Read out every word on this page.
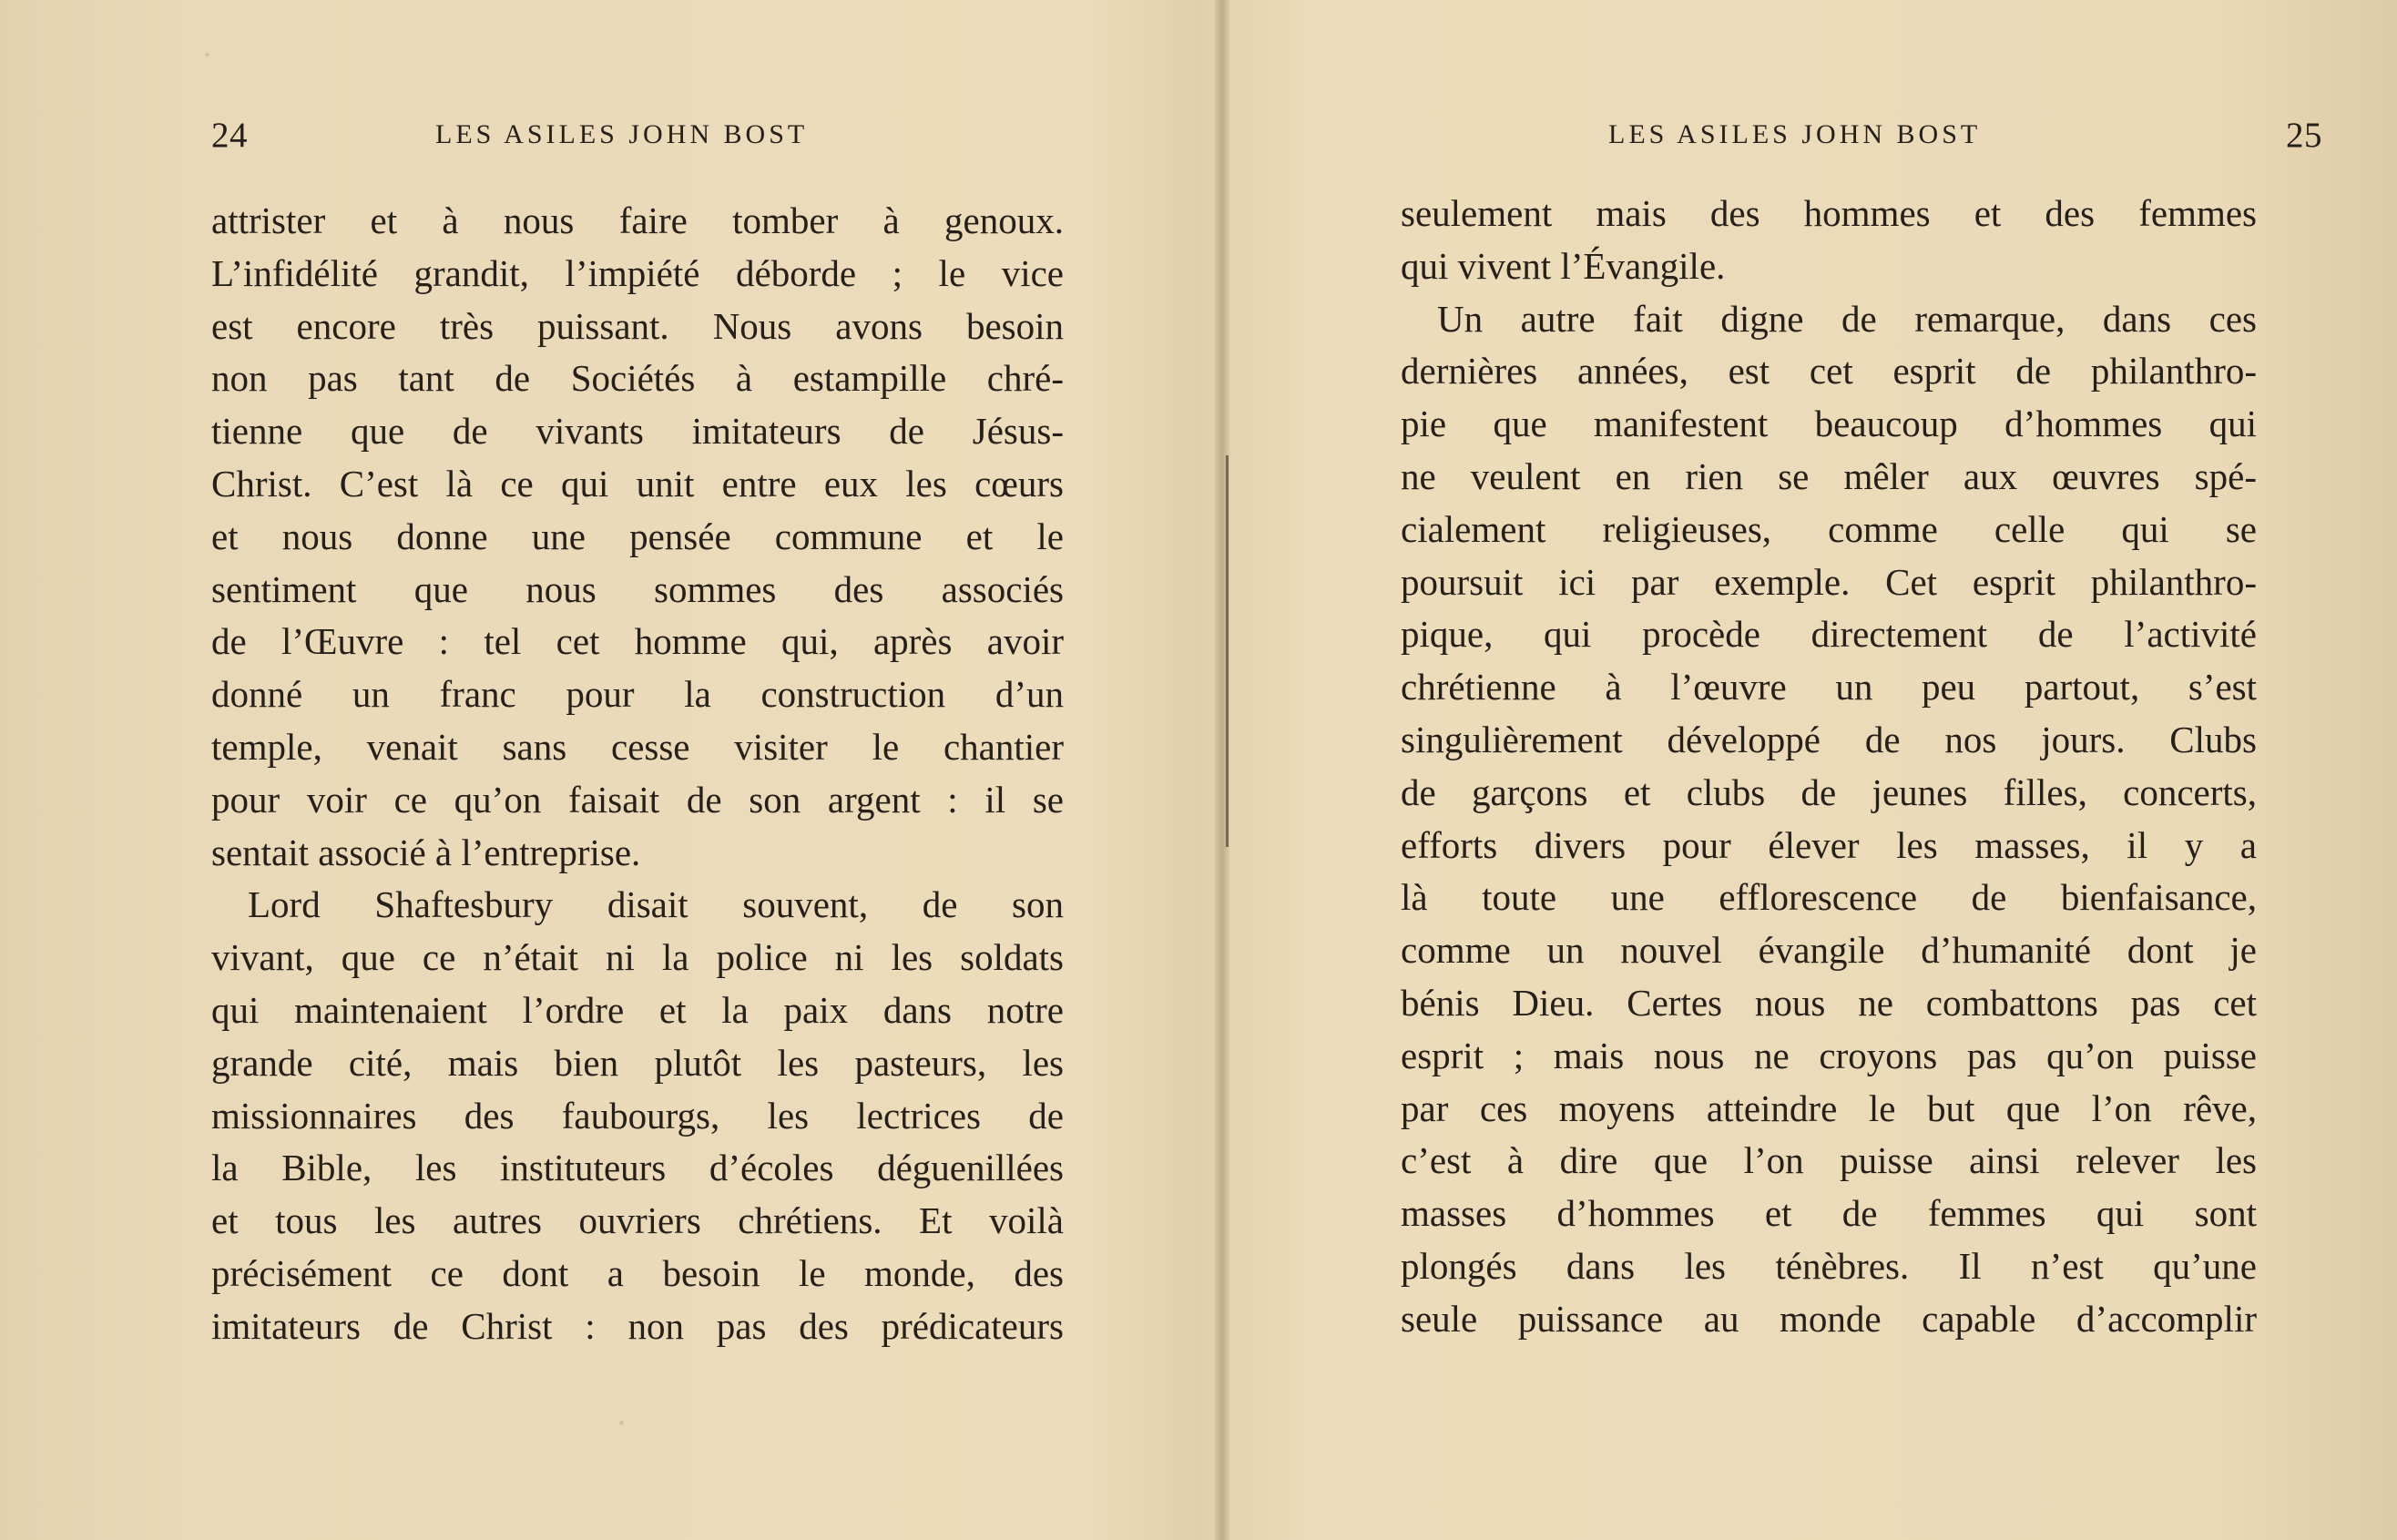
24	LES ASILES JOHN BOST
attrister et à nous faire tomber à genoux.
L’infidélité grandit, l’impiété déborde ; le vice
est encore très puissant. Nous avons besoin
non pas tant de Sociétés à estampille chré-
tienne que de vivants imitateurs de Jésus-
Christ. C’est là ce qui unit entre eux les cœurs
et nous donne une pensée commune et le
sentiment que nous sommes des associés
de l’Œuvre : tel cet homme qui, après avoir
donné un franc pour la construction d’un
temple, venait sans cesse visiter le chantier
pour voir ce qu’on faisait de son argent : il se
sentait associé à l’entreprise.
Lord Shaftesbury disait souvent, de son
vivant, que ce n’était ni la police ni les soldats
qui maintenaient l’ordre et la paix dans notre
grande cité, mais bien plutôt les pasteurs, les
missionnaires des faubourgs, les lectrices de
la Bible, les instituteurs d’écoles déguenillées
et tous les autres ouvriers chrétiens. Et voilà
précisément ce dont a besoin le monde, des
imitateurs de Christ : non pas des prédicateurs
LES ASILES JOHN BOST	25
seulement mais des hommes et des femmes
qui vivent l’Évangile.
Un autre fait digne de remarque, dans ces
dernières années, est cet esprit de philanthro-
pie que manifestent beaucoup d’hommes qui
ne veulent en rien se mêler aux œuvres spé-
cialement religieuses, comme celle qui se
poursuit ici par exemple. Cet esprit philanthro-
pique, qui procède directement de l’activité
chrétienne à l’œuvre un peu partout, s’est
singulièrement développé de nos jours. Clubs
de garçons et clubs de jeunes filles, concerts,
efforts divers pour élever les masses, il y a
là toute une efflorescence de bienfaisance,
comme un nouvel évangile d’humanité dont je
bénis Dieu. Certes nous ne combattons pas cet
esprit ; mais nous ne croyons pas qu’on puisse
par ces moyens atteindre le but que l’on rêve,
c’est à dire que l’on puisse ainsi relever les
masses d’hommes et de femmes qui sont
plongés dans les ténèbres. Il n’est qu’une
seule puissance au monde capable d’accomplir
